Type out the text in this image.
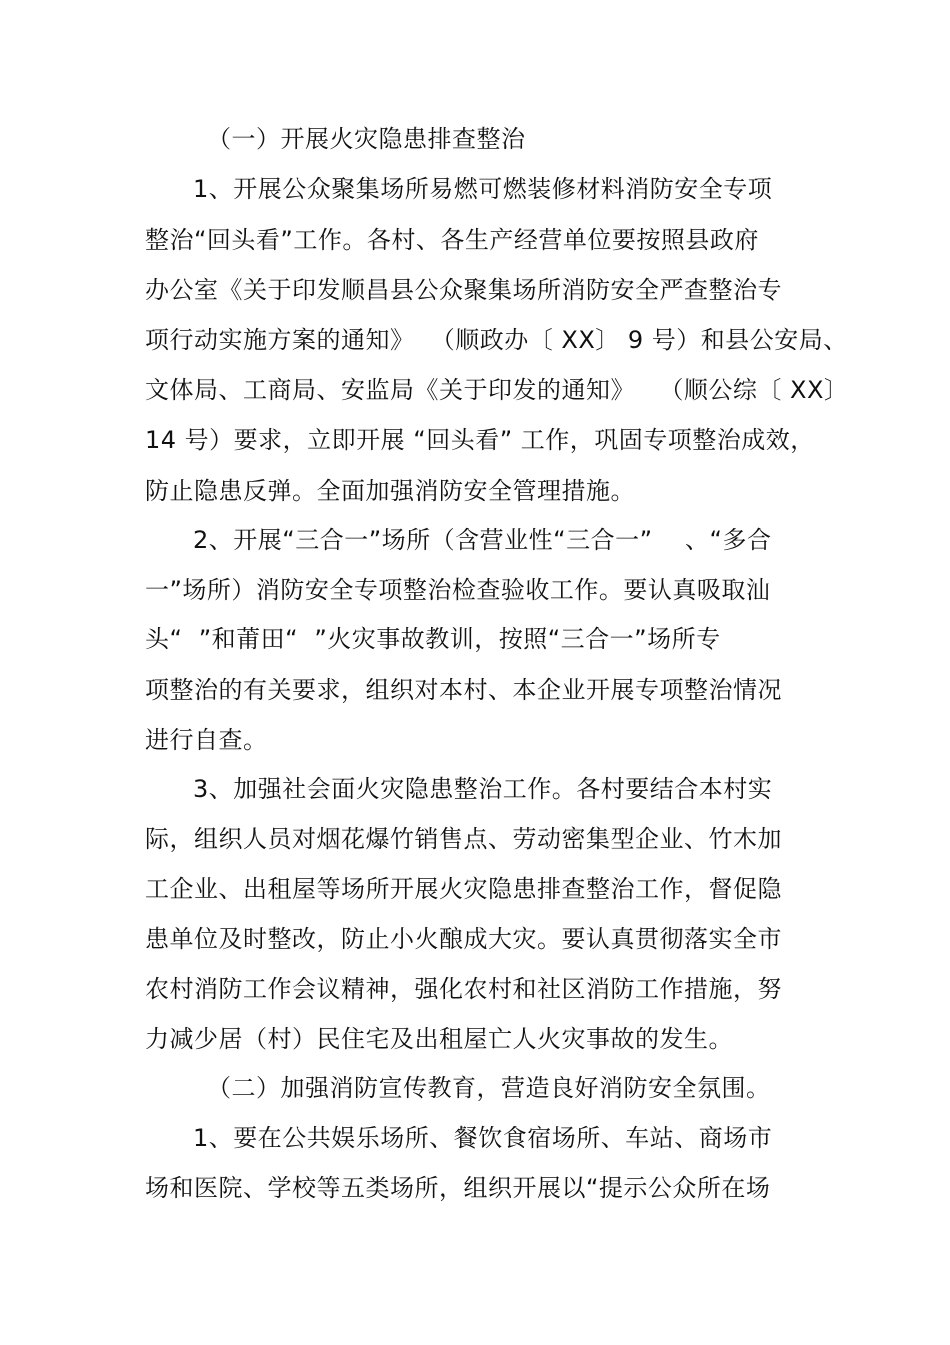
（一）开展火灾隐患排查整治
1、开展公众聚集场所易燃可燃装修材料消防安全专项
整治“回头看”工作。各村、各生产经营单位要按照县政府
办公室《关于印发顺昌县公众聚集场所消防安全严查整治专
项行动实施方案的通知》  （顺政办〔 XX〕 9 号）和县公安局、
文体局、工商局、安监局《关于印发的通知》   （顺公综〔 XX〕
14 号）要求，立即开展 “回头看” 工作，巩固专项整治成效，
防止隐患反弹。全面加强消防安全管理措施。
2、开展“三合一”场所（含营业性“三合一”    、“多合
一”场所）消防安全专项整治检查验收工作。要认真吸取汕
头“  ”和莆田“  ”火灾事故教训，按照“三合一”场所专
项整治的有关要求，组织对本村、本企业开展专项整治情况
进行自查。
3、加强社会面火灾隐患整治工作。各村要结合本村实
际，组织人员对烟花爆竹销售点、劳动密集型企业、竹木加
工企业、出租屋等场所开展火灾隐患排查整治工作，督促隐
患单位及时整改，防止小火酿成大灾。要认真贯彻落实全市
农村消防工作会议精神，强化农村和社区消防工作措施，努
力减少居（村）民住宅及出租屋亡人火灾事故的发生。
（二）加强消防宣传教育，营造良好消防安全氛围。
1、要在公共娱乐场所、餐饮食宿场所、车站、商场市
场和医院、学校等五类场所，组织开展以“提示公众所在场
